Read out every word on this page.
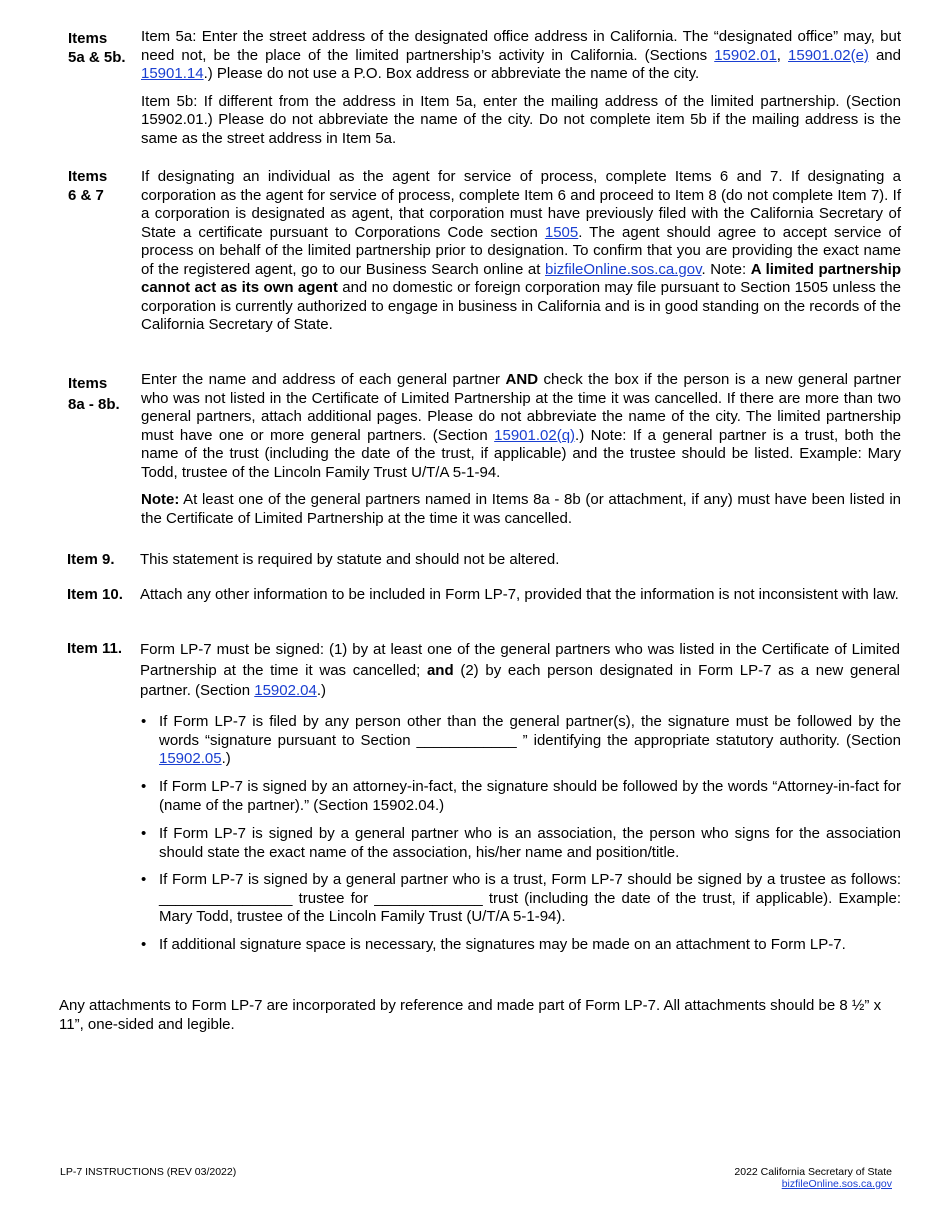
Items
5a & 5b.

Item 5a: Enter the street address of the designated office address in California. The “designated office” may, but need not, be the place of the limited partnership’s activity in California. (Sections 15902.01, 15901.02(e) and 15901.14.) Please do not use a P.O. Box address or abbreviate the name of the city.

Item 5b: If different from the address in Item 5a, enter the mailing address of the limited partnership. (Section 15902.01.) Please do not abbreviate the name of the city. Do not complete item 5b if the mailing address is the same as the street address in Item 5a.

Items
6 & 7

If designating an individual as the agent for service of process, complete Items 6 and 7. If designating a corporation as the agent for service of process, complete Item 6 and proceed to Item 8 (do not complete Item 7). If a corporation is designated as agent, that corporation must have previously filed with the California Secretary of State a certificate pursuant to Corporations Code section 1505. The agent should agree to accept service of process on behalf of the limited partnership prior to designation. To confirm that you are providing the exact name of the registered agent, go to our Business Search online at bizfileOnline.sos.ca.gov. Note: A limited partnership cannot act as its own agent and no domestic or foreign corporation may file pursuant to Section 1505 unless the corporation is currently authorized to engage in business in California and is in good standing on the records of the California Secretary of State.

Items
8a - 8b.

Enter the name and address of each general partner AND check the box if the person is a new general partner who was not listed in the Certificate of Limited Partnership at the time it was cancelled. If there are more than two general partners, attach additional pages. Please do not abbreviate the name of the city. The limited partnership must have one or more general partners. (Section 15901.02(q).) Note: If a general partner is a trust, both the name of the trust (including the date of the trust, if applicable) and the trustee should be listed. Example: Mary Todd, trustee of the Lincoln Family Trust U/T/A 5-1-94.

Note: At least one of the general partners named in Items 8a - 8b (or attachment, if any) must have been listed in the Certificate of Limited Partnership at the time it was cancelled.

Item 9. This statement is required by statute and should not be altered.

Item 10. Attach any other information to be included in Form LP-7, provided that the information is not inconsistent with law.

Item 11. Form LP-7 must be signed: (1) by at least one of the general partners who was listed in the Certificate of Limited Partnership at the time it was cancelled; and (2) by each person designated in Form LP-7 as a new general partner. (Section 15902.04.)

• If Form LP-7 is filed by any person other than the general partner(s), the signature must be followed by the words “signature pursuant to Section ____________ ” identifying the appropriate statutory authority. (Section 15902.05.)
• If Form LP-7 is signed by an attorney-in-fact, the signature should be followed by the words “Attorney-in-fact for (name of the partner).” (Section 15902.04.)
• If Form LP-7 is signed by a general partner who is an association, the person who signs for the association should state the exact name of the association, his/her name and position/title.
• If Form LP-7 is signed by a general partner who is a trust, Form LP-7 should be signed by a trustee as follows: ________________ trustee for _____________ trust (including the date of the trust, if applicable). Example: Mary Todd, trustee of the Lincoln Family Trust (U/T/A 5-1-94).
• If additional signature space is necessary, the signatures may be made on an attachment to Form LP-7.
Any attachments to Form LP-7 are incorporated by reference and made part of Form LP-7. All attachments should be 8 ½” x 11”, one-sided and legible.
LP-7 INSTRUCTIONS (REV 03/2022)	2022 California Secretary of State
bizfileOnline.sos.ca.gov
